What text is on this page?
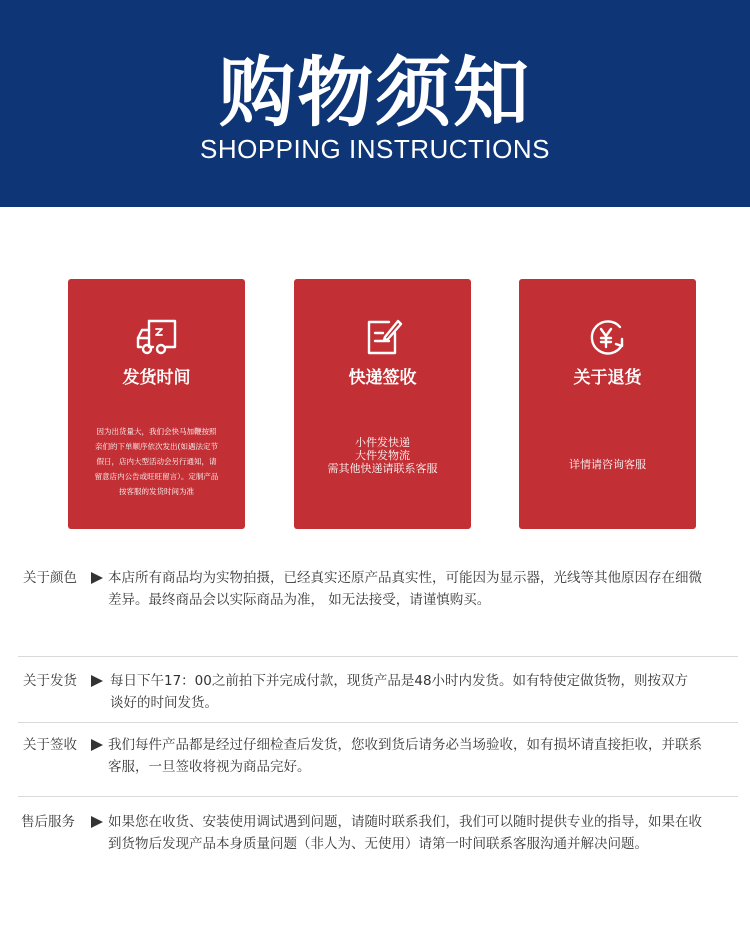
购物须知
SHOPPING INSTRUCTIONS
发货时间
因为出货量大，我们会快马加鞭按照
亲们的下单顺序依次发出(如遇法定节
假日，店内大型活动会另行通知，请
留意店内公告或旺旺留言）。定制产品
按客服的发货时间为准
快递签收
小件发快递
大件发物流
需其他快递请联系客服
关于退货
详情请咨询客服
关于颜色 本店所有商品均为实物拍摄，已经真实还原产品真实性，可能因为显示器，光线等其他原因存在细微
差异。最终商品会以实际商品为准， 如无法接受，请谨慎购买。
关于发货 每日下午17：00之前拍下并完成付款，现货产品是48小时内发货。如有特使定做货物，则按双方
谈好的时间发货。
关于签收 我们每件产品都是经过仔细检查后发货，您收到货后请务必当场验收，如有损坏请直接拒收，并联系
客服，一旦签收将视为商品完好。
售后服务 如果您在收货、安装使用调试遇到问题，请随时联系我们，我们可以随时提供专业的指导，如果在收
到货物后发现产品本身质量问题（非人为、无使用）请第一时间联系客服沟通并解决问题。
